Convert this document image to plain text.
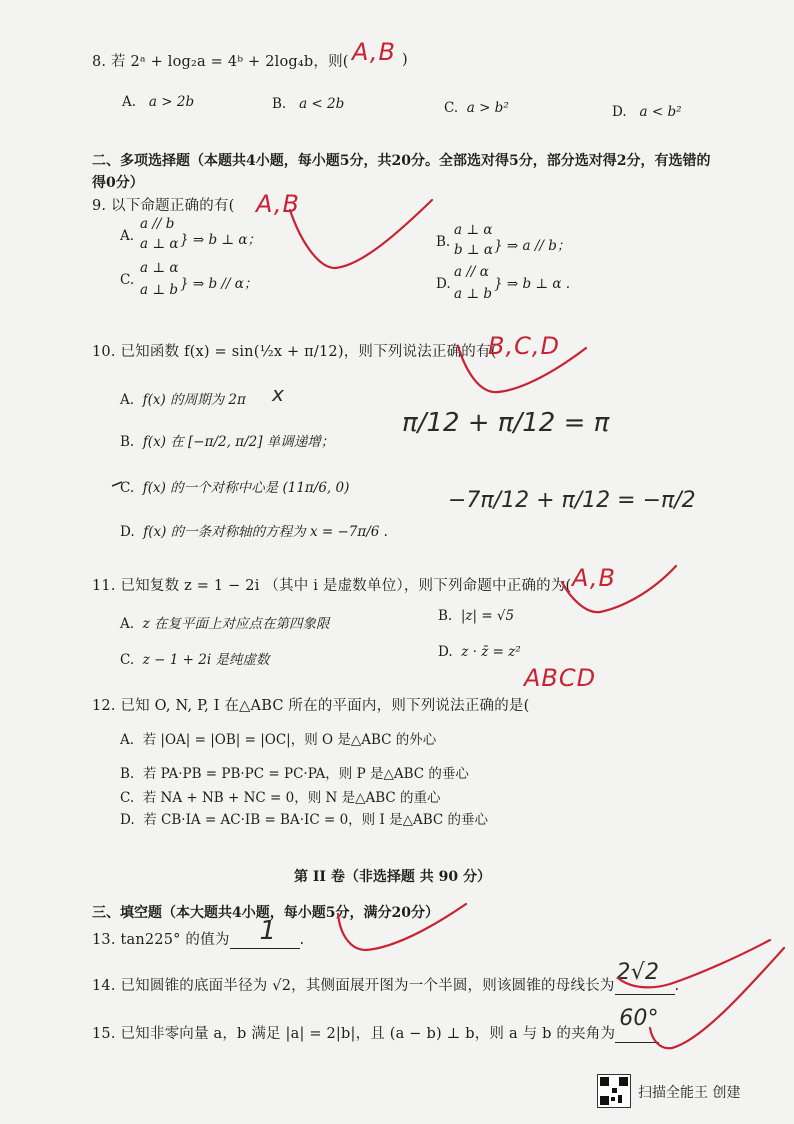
8. 若 2ᵃ + log₂a = 4ᵇ + 2log₄b，则( A,B )
A. a > 2b	B. a < 2b	C. a > b²	D. a < b²
二、多项选择题（本题共4小题，每小题5分，共20分。全部选对得5分，部分选对得2分，有选错的得0分）
9. 以下命题正确的有( A,B
A.
a // b
a ⊥ α } ⇒ b ⊥ α；	B.
a ⊥ α
b ⊥ α } ⇒ a // b；
C.
a ⊥ α
a ⊥ b } ⇒ b // α；	D.
a // α
a ⊥ b
} ⇒ b ⊥ α .
10. 已知函数 f(x) = sin(½x + π/12)，则下列说法正确的有(
B,C,D
A. f(x) 的周期为 2π x
B. f(x) 在 [−π/2, π/2] 单调递增；
C. f(x) 的一个对称中心是 (11π/6, 0)
D. f(x) 的一条对称轴的方程为 x = −7π/6 .
π/12 + π/12 = π
−7π/12 + π/12 = −π/2
11. 已知复数 z = 1 − 2i （其中 i 是虚数单位），则下列命题中正确的为( A,B
A. z 在复平面上对应点在第四象限	B. |z| = √5
C. z − 1 + 2i 是纯虚数	D. z · z̄ = z²
12. 已知 O, N, P, I 在△ABC 所在的平面内，则下列说法正确的是(
ABCD
A. 若 |OA| = |OB| = |OC|，则 O 是△ABC 的外心
B. 若 PA·PB = PB·PC = PC·PA，则 P 是△ABC 的垂心
C. 若 NA + NB + NC = 0，则 N 是△ABC 的重心
D. 若 CB·IA = AC·IB = BA·IC = 0，则 I 是△ABC 的垂心
第 II 卷（非选择题 共 90 分）
三、填空题（本大题共4小题，每小题5分，满分20分）
13. tan225° 的值为 1 .
14. 已知圆锥的底面半径为 √2，其侧面展开图为一个半圆，则该圆锥的母线长为
2√2
.
15. 已知非零向量 a，b 满足 |a| = 2|b|，且 (a − b) ⊥ b，则 a 与 b 的夹角为
60°
扫描全能王 创建
